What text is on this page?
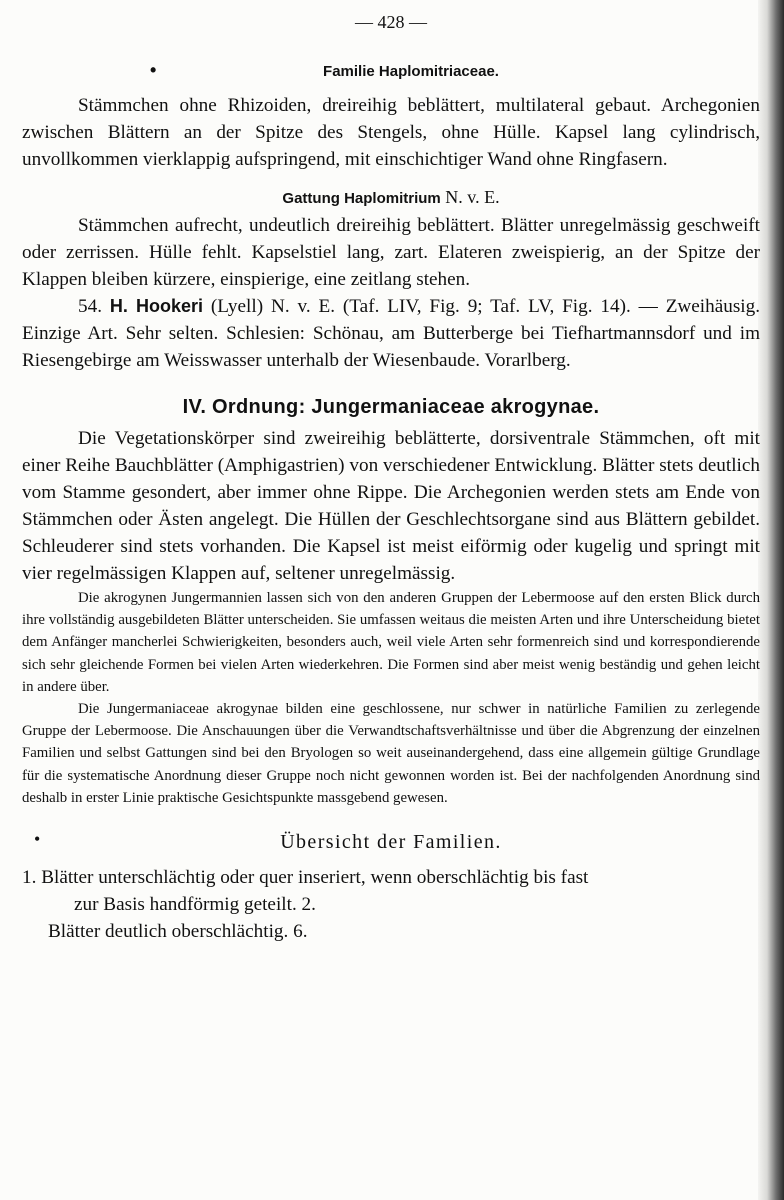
— 428 —
•	Familie Haplomitriaceae.

Stämmchen ohne Rhizoiden, dreireihig beblättert, multilateral gebaut. Archegonien zwischen Blättern an der Spitze des Stengels, ohne Hülle. Kapsel lang cylindrisch, unvollkommen vierklappig aufspringend, mit einschichtiger Wand ohne Ringfasern.

Gattung Haplomitrium N. v. E.

Stämmchen aufrecht, undeutlich dreireihig beblättert. Blätter unregelmässig geschweift oder zerrissen. Hülle fehlt. Kapselstiel lang, zart. Elateren zweispierig, an der Spitze der Klappen bleiben kürzere, einspierige, eine zeitlang stehen.

54. H. Hookeri (Lyell) N. v. E. (Taf. LIV, Fig. 9; Taf. LV, Fig. 14). — Zweihäusig. Einzige Art. Sehr selten. Schlesien: Schönau, am Butterberge bei Tiefhartmannsdorf und im Riesengebirge am Weisswasser unterhalb der Wiesenbaude. Vorarlberg.

IV. Ordnung: Jungermaniaceae akrogynae.

Die Vegetationskörper sind zweireihig beblätterte, dorsiventrale Stämmchen, oft mit einer Reihe Bauchblätter (Amphigastrien) von verschiedener Entwicklung. Blätter stets deutlich vom Stamme gesondert, aber immer ohne Rippe. Die Archegonien werden stets am Ende von Stämmchen oder Ästen angelegt. Die Hüllen der Geschlechtsorgane sind aus Blättern gebildet. Schleuderer sind stets vorhanden. Die Kapsel ist meist eiförmig oder kugelig und springt mit vier regelmässigen Klappen auf, seltener unregelmässig.

Die akrogynen Jungermannien lassen sich von den anderen Gruppen der Lebermoose auf den ersten Blick durch ihre vollständig ausgebildeten Blätter unterscheiden. Sie umfassen weitaus die meisten Arten und ihre Unterscheidung bietet dem Anfänger mancherlei Schwierigkeiten, besonders auch, weil viele Arten sehr formenreich sind und korrespondierende sich sehr gleichende Formen bei vielen Arten wiederkehren. Die Formen sind aber meist wenig beständig und gehen leicht in andere über.

Die Jungermaniaceae akrogynae bilden eine geschlossene, nur schwer in natürliche Familien zu zerlegende Gruppe der Lebermoose. Die Anschauungen über die Verwandtschaftsverhältnisse und über die Abgrenzung der einzelnen Familien und selbst Gattungen sind bei den Bryologen so weit auseinandergehend, dass eine allgemein gültige Grundlage für die systematische Anordnung dieser Gruppe noch nicht gewonnen worden ist. Bei der nachfolgenden Anordnung sind deshalb in erster Linie praktische Gesichtspunkte massgebend gewesen.

•	Übersicht der Familien.
1. Blätter unterschlächtig oder quer inseriert, wenn oberschlächtig bis fast
zur Basis handförmig geteilt. 2.
Blätter deutlich oberschlächtig. 6.
